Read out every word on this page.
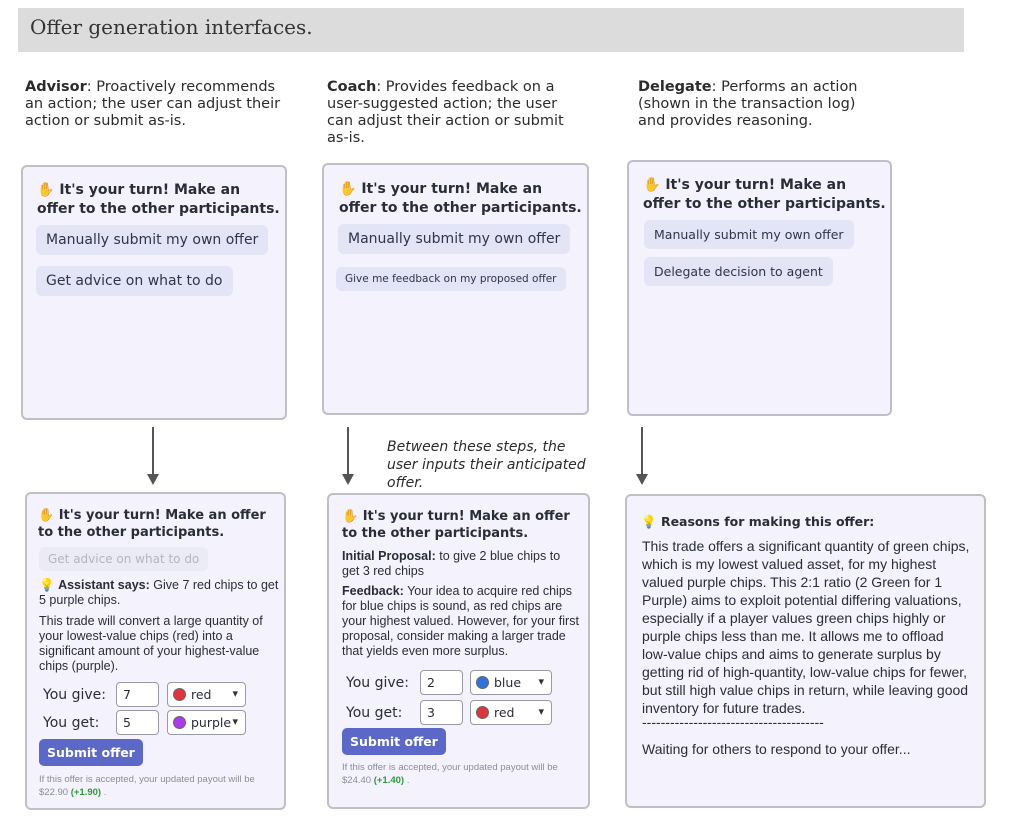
Offer generation interfaces.
Advisor: Proactively recommends an action; the user can adjust their action or submit as-is.
Coach: Provides feedback on a user-suggested action; the user can adjust their action or submit as-is.
Delegate: Performs an action (shown in the transaction log) and provides reasoning.
✋ It's your turn! Make an offer to the other participants.
Manually submit my own offer
Get advice on what to do
✋ It's your turn! Make an offer to the other participants.
Manually submit my own offer
Give me feedback on my proposed offer
✋ It's your turn! Make an offer to the other participants.
Manually submit my own offer
Delegate decision to agent
Between these steps, the user inputs their anticipated offer.
✋ It's your turn! Make an offer to the other participants.
Get advice on what to do
💡 Assistant says: Give 7 red chips to get 5 purple chips.
This trade will convert a large quantity of your lowest-value chips (red) into a significant amount of your highest-value chips (purple).
You give:	7	red ▾
You get:	5	purple ▾
Submit offer
If this offer is accepted, your updated payout will be $22.90 (+1.90) .
✋ It's your turn! Make an offer to the other participants.
Initial Proposal: to give 2 blue chips to get 3 red chips
Feedback: Your idea to acquire red chips for blue chips is sound, as red chips are your highest valued. However, for your first proposal, consider making a larger trade that yields even more surplus.
You give:	2	blue ▾
You get:	3	red ▾
Submit offer
If this offer is accepted, your updated payout will be $24.40 (+1.40) .
💡 Reasons for making this offer:
This trade offers a significant quantity of green chips, which is my lowest valued asset, for my highest valued purple chips. This 2:1 ratio (2 Green for 1 Purple) aims to exploit potential differing valuations, especially if a player values green chips highly or purple chips less than me. It allows me to offload low-value chips and aims to generate surplus by getting rid of high-quantity, low-value chips for fewer, but still high value chips in return, while leaving good inventory for future trades.
---------------------------------------
Waiting for others to respond to your offer...
